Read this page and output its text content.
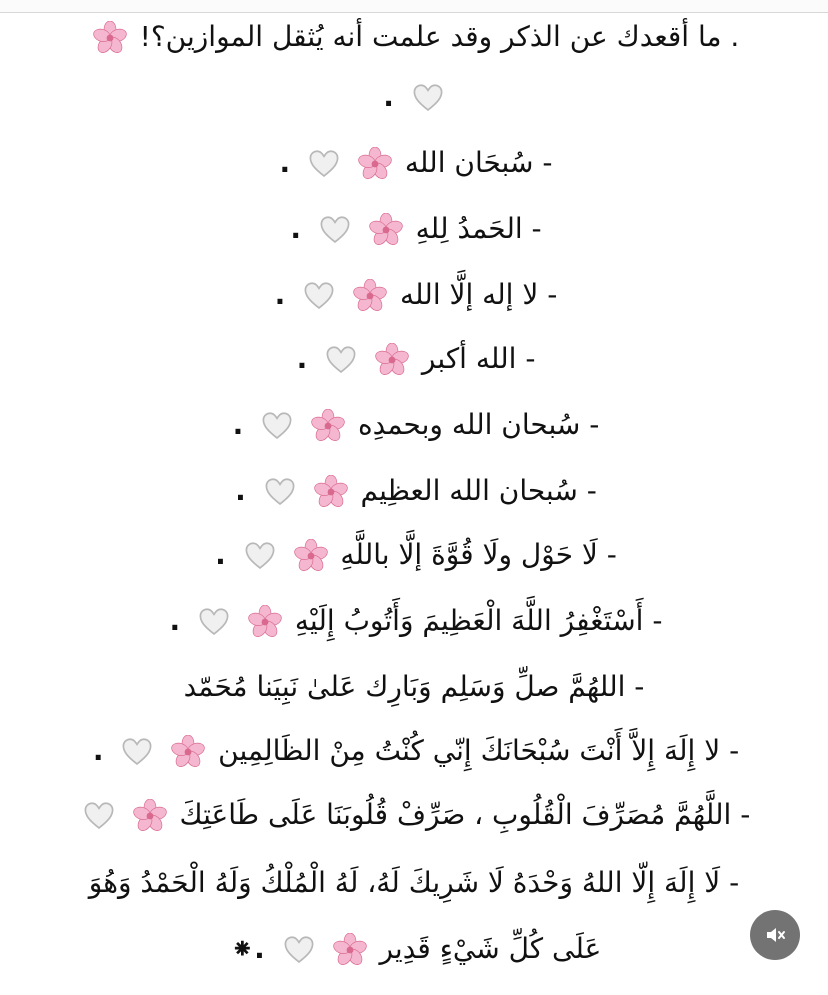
. ما أقعدك عن الذكر وقد علمت أنه يُثقل الموازين؟!
.
- سُبحَان الله

.
- الحَمدُ لِلهِ

.
- لا إله إلَّا الله

.
- الله أكبر

.
- سُبحان الله وبحمدِه

.
- سُبحان الله العظِيم

.
- لَا حَوْل ولَا قُوَّةَ إلَّا باللَّهِ

.
- أَسْتَغْفِرُ اللَّهَ الْعَظِيمَ وَأَتُوبُ إِلَيْهِ

.
- اللهُمَّ صلِّ وَسَلِم وَبَارِك عَلىٰ نَبِيَنا مُحَمّد
- لا إِلَهَ إِلاَّ أَنْتَ سُبْحَانَكَ إِنّي كُنْتُ مِنْ الظَالِمِين

.
- اللَّهُمَّ مُصَرِّفَ الْقُلُوبِ ، صَرِّفْ قُلُوبَنَا عَلَى طَاعَتِكَ

- لَا إِلَهَ إِلّا اللهُ وَحْدَهُ لَا شَرِيكَ لَهُ، لَهُ الْمُلْكُ وَلَهُ الْحَمْدُ وَهُوَ
عَلَى كُلِّ شَيْءٍ قَدِير

.⁕
